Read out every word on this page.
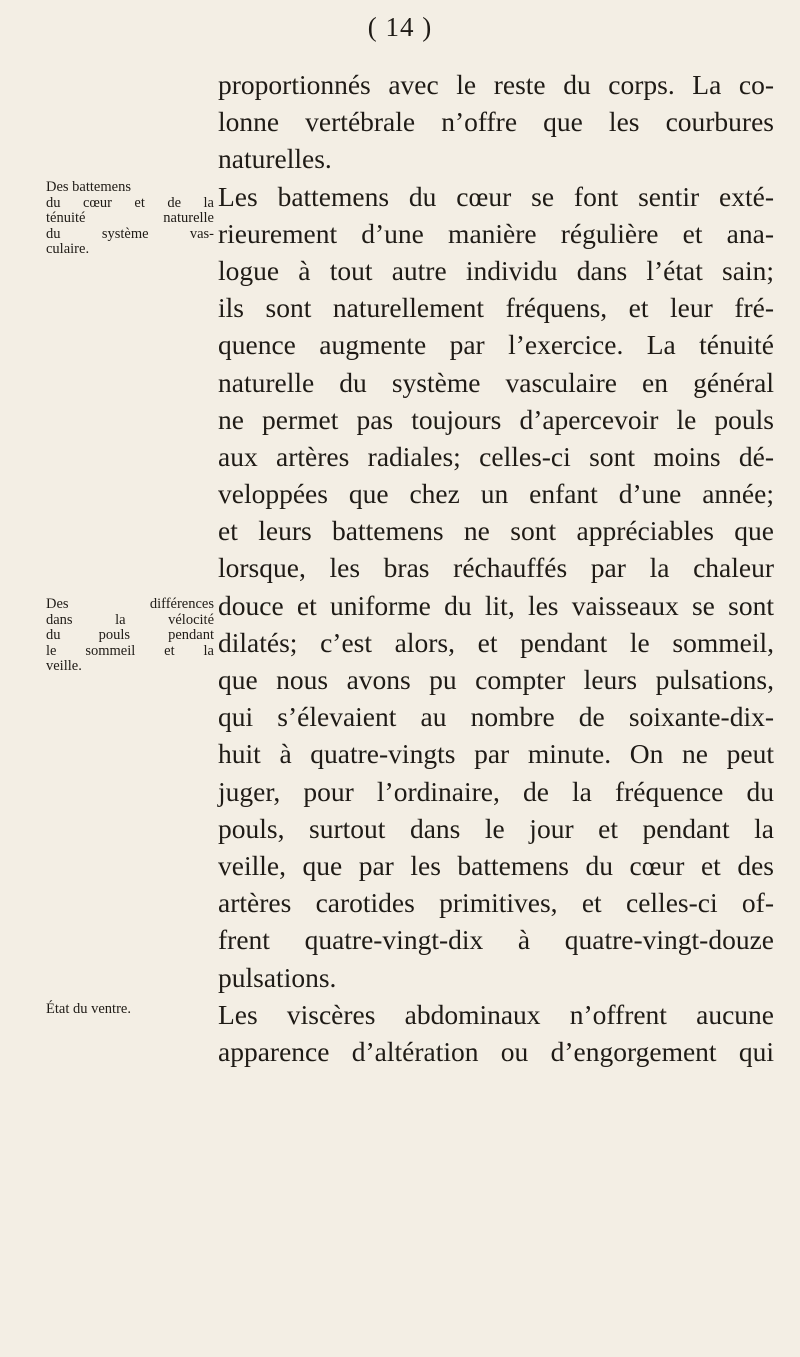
( 14 )
proportionnés avec le reste du corps. La co-
lonne vertébrale n’offre que les courbures
naturelles.
Les battemens du cœur se font sentir exté-
rieurement d’une manière régulière et ana-
logue à tout autre individu dans l’état sain;
ils sont naturellement fréquens, et leur fré-
quence augmente par l’exercice. La ténuité
naturelle du système vasculaire en général
ne permet pas toujours d’apercevoir le pouls
aux artères radiales; celles-ci sont moins dé-
veloppées que chez un enfant d’une année;
et leurs battemens ne sont appréciables que
lorsque, les bras réchauffés par la chaleur
douce et uniforme du lit, les vaisseaux se sont
dilatés; c’est alors, et pendant le sommeil,
que nous avons pu compter leurs pulsations,
qui s’élevaient au nombre de soixante-dix-
huit à quatre-vingts par minute. On ne peut
juger, pour l’ordinaire, de la fréquence du
pouls, surtout dans le jour et pendant la
veille, que par les battemens du cœur et des
artères carotides primitives, et celles-ci of-
frent quatre-vingt-dix à quatre-vingt-douze
pulsations.
Les viscères abdominaux n’offrent aucune
apparence d’altération ou d’engorgement qui
Des battemens
du cœur et de la
ténuité naturelle
du système vas-
culaire.
Des différences
dans la vélocité
du pouls pendant
le sommeil et la
veille.
État du ventre.
